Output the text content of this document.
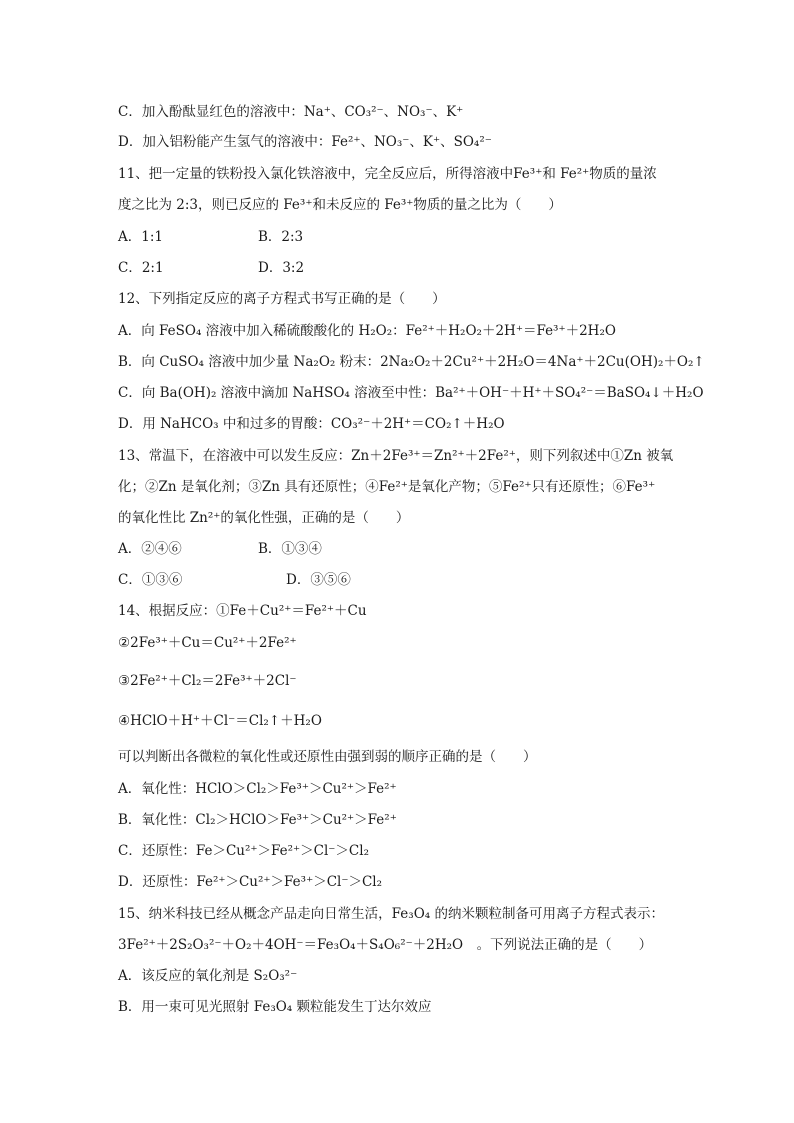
C．加入酚酞显红色的溶液中：Na⁺、CO₃²⁻、NO₃⁻、K⁺
D．加入铝粉能产生氢气的溶液中：Fe²⁺、NO₃⁻、K⁺、SO₄²⁻
11、把一定量的铁粉投入氯化铁溶液中，完全反应后，所得溶液中Fe³⁺和 Fe²⁺物质的量浓
度之比为 2:3，则已反应的 Fe³⁺和未反应的 Fe³⁺物质的量之比为（　　）
A．1:1	B．2:3
C．2:1	D．3:2
12、下列指定反应的离子方程式书写正确的是（　　）
A．向 FeSO₄ 溶液中加入稀硫酸酸化的 H₂O₂：Fe²⁺＋H₂O₂＋2H⁺＝Fe³⁺＋2H₂O
B．向 CuSO₄ 溶液中加少量 Na₂O₂ 粉末：2Na₂O₂＋2Cu²⁺＋2H₂O＝4Na⁺＋2Cu(OH)₂＋O₂↑
C．向 Ba(OH)₂ 溶液中滴加 NaHSO₄ 溶液至中性：Ba²⁺＋OH⁻＋H⁺＋SO₄²⁻＝BaSO₄↓＋H₂O
D．用 NaHCO₃ 中和过多的胃酸：CO₃²⁻＋2H⁺＝CO₂↑＋H₂O
13、常温下，在溶液中可以发生反应：Zn＋2Fe³⁺＝Zn²⁺＋2Fe²⁺，则下列叙述中①Zn 被氧
化；②Zn 是氧化剂；③Zn 具有还原性；④Fe²⁺是氧化产物；⑤Fe²⁺只有还原性；⑥Fe³⁺
的氧化性比 Zn²⁺的氧化性强，正确的是（　　）
A．②④⑥	B．①③④
C．①③⑥	D．③⑤⑥
14、根据反应：①Fe＋Cu²⁺＝Fe²⁺＋Cu
②2Fe³⁺＋Cu＝Cu²⁺＋2Fe²⁺
③2Fe²⁺＋Cl₂＝2Fe³⁺＋2Cl⁻
④HClO＋H⁺＋Cl⁻＝Cl₂↑＋H₂O
可以判断出各微粒的氧化性或还原性由强到弱的顺序正确的是（　　）
A．氧化性：HClO＞Cl₂＞Fe³⁺＞Cu²⁺＞Fe²⁺
B．氧化性：Cl₂＞HClO＞Fe³⁺＞Cu²⁺＞Fe²⁺
C．还原性：Fe＞Cu²⁺＞Fe²⁺＞Cl⁻＞Cl₂
D．还原性：Fe²⁺＞Cu²⁺＞Fe³⁺＞Cl⁻＞Cl₂
15、纳米科技已经从概念产品走向日常生活，Fe₃O₄ 的纳米颗粒制备可用离子方程式表示：
3Fe²⁺＋2S₂O₃²⁻＋O₂＋4OH⁻＝Fe₃O₄＋S₄O₆²⁻＋2H₂O　。下列说法正确的是（　　）
A．该反应的氧化剂是 S₂O₃²⁻
B．用一束可见光照射 Fe₃O₄ 颗粒能发生丁达尔效应
